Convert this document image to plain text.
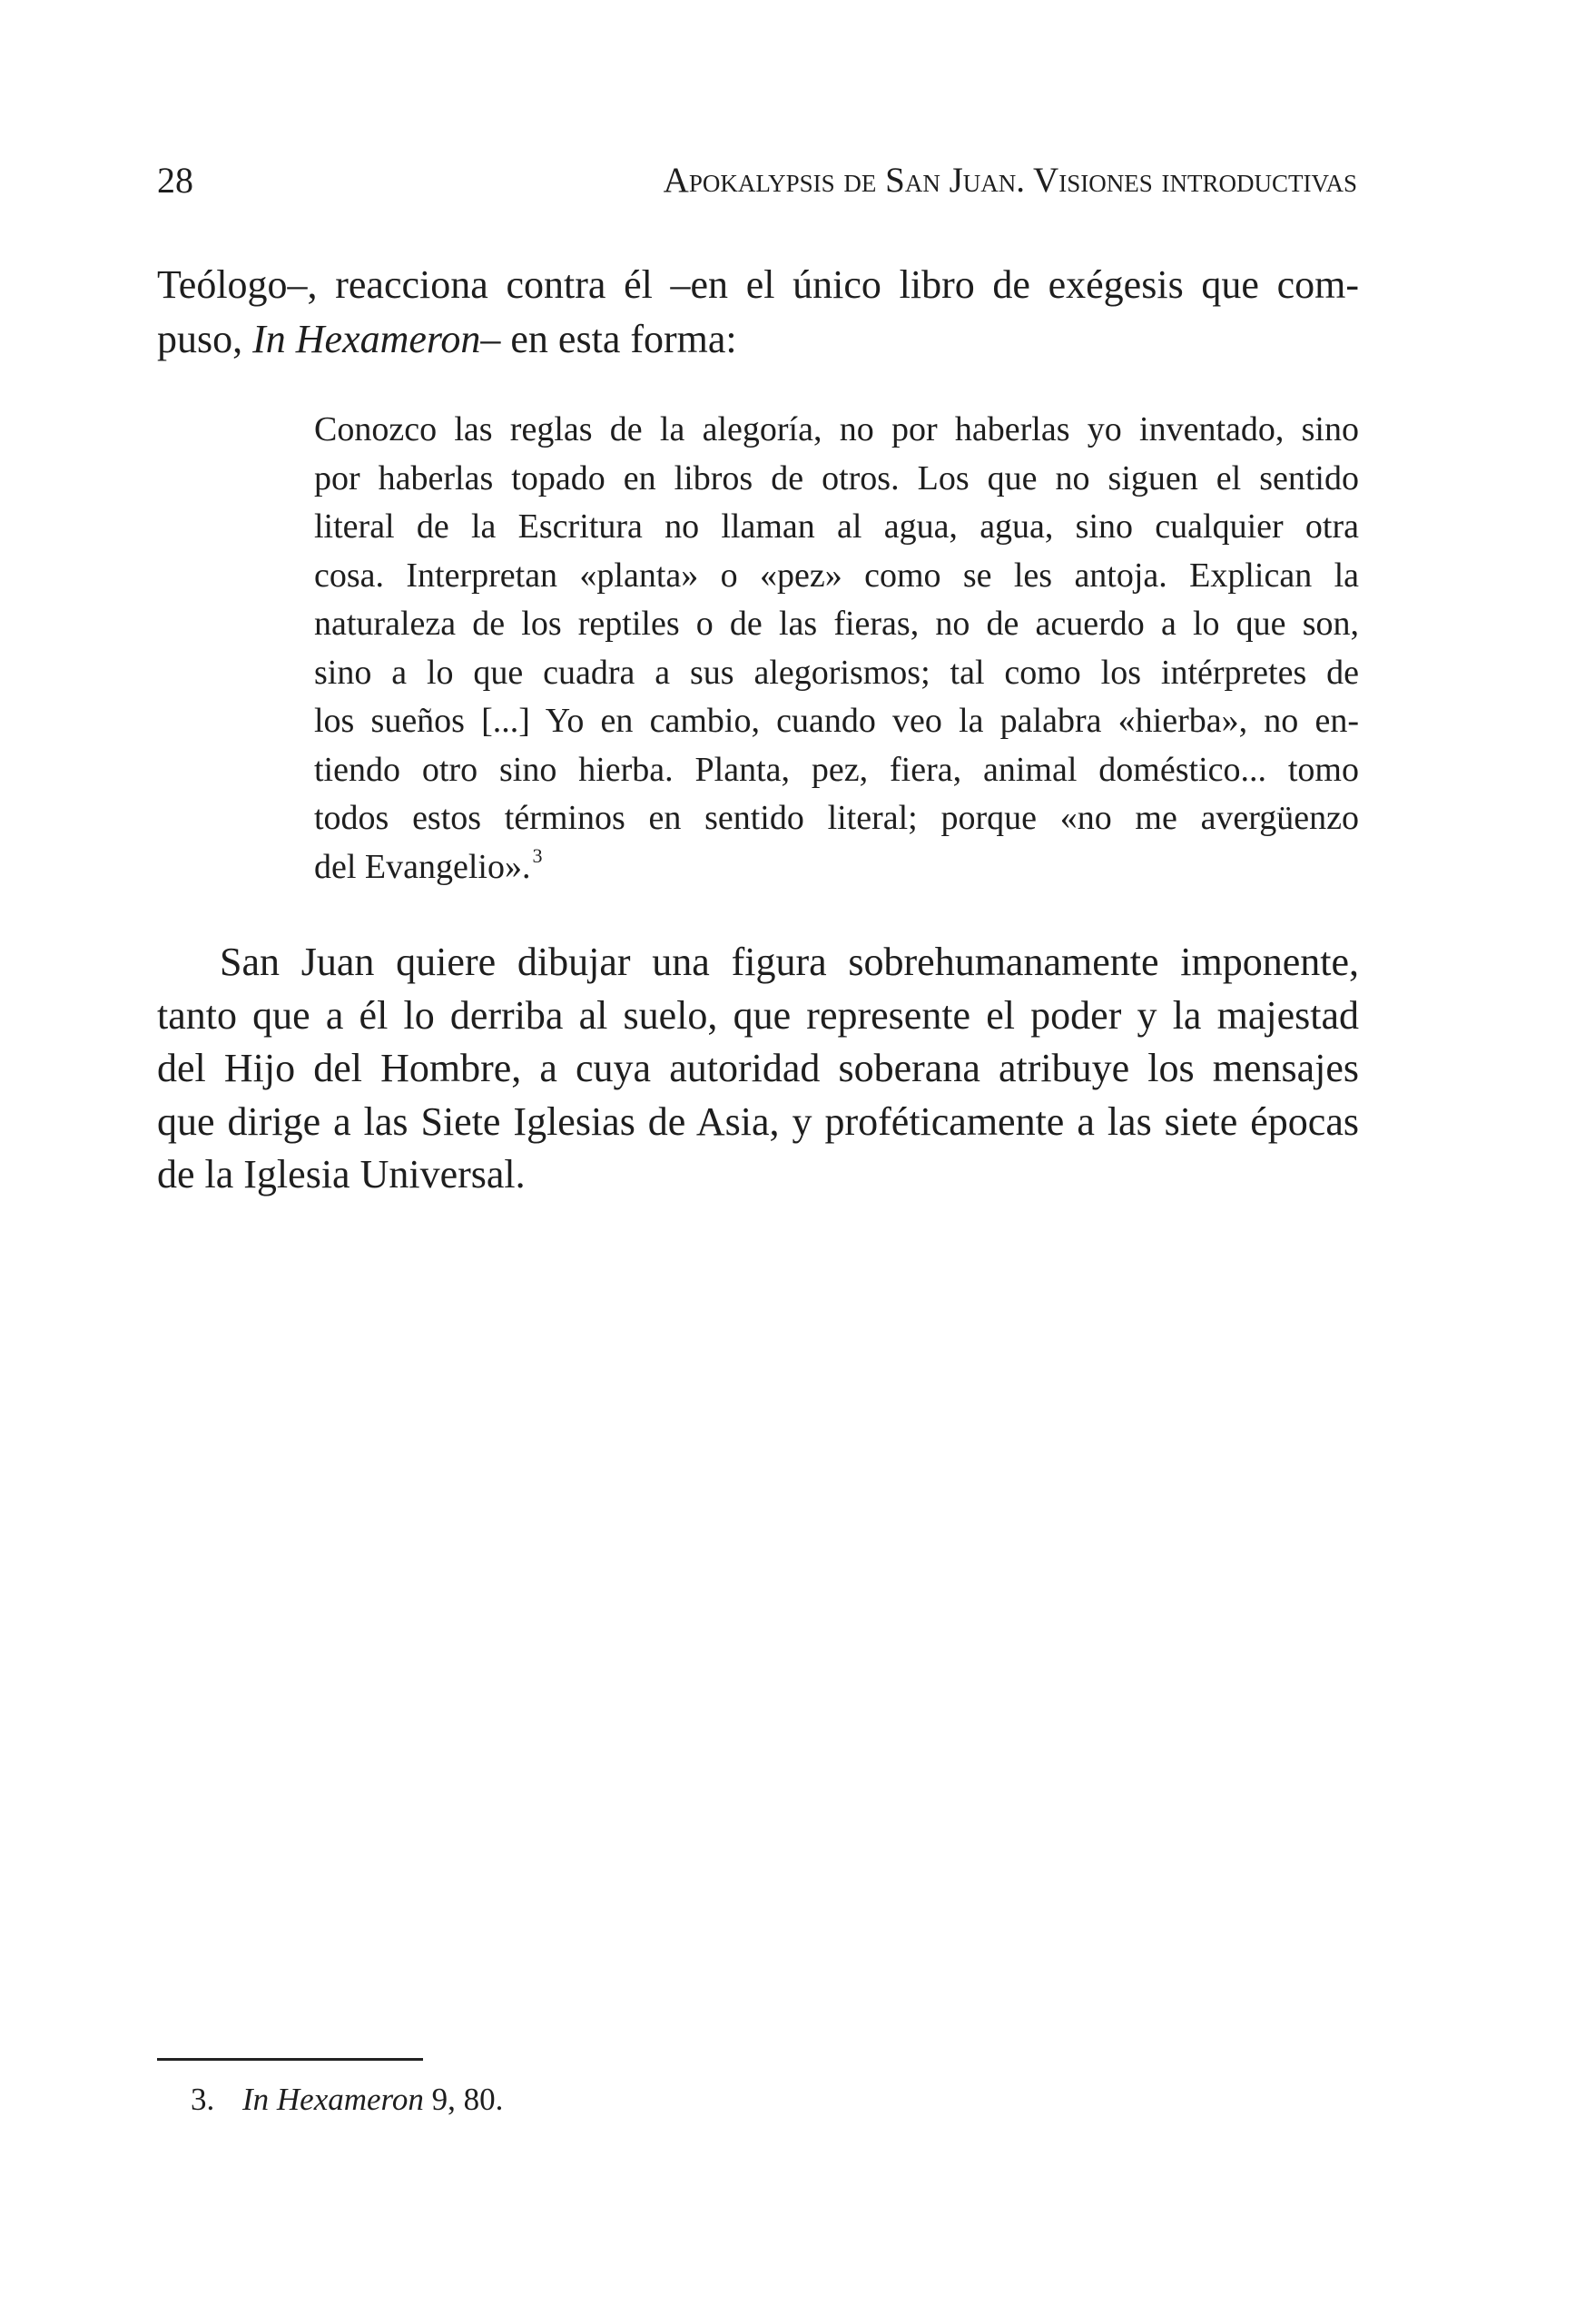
28	Apokalypsis de San Juan. Visiones introductivas
Teólogo–, reacciona contra él –en el único libro de exégesis que com-
puso, In Hexameron– en esta forma:
Conozco las reglas de la alegoría, no por haberlas yo inventado, sino
por haberlas topado en libros de otros. Los que no siguen el sentido
literal de la Escritura no llaman al agua, agua, sino cualquier otra
cosa. Interpretan «planta» o «pez» como se les antoja. Explican la
naturaleza de los reptiles o de las fieras, no de acuerdo a lo que son,
sino a lo que cuadra a sus alegorismos; tal como los intérpretes de
los sueños [...] Yo en cambio, cuando veo la palabra «hierba», no en-
tiendo otro sino hierba. Planta, pez, fiera, animal doméstico... tomo
todos estos términos en sentido literal; porque «no me avergüenzo
del Evangelio».$^3$
San Juan quiere dibujar una figura sobrehumanamente imponente,
tanto que a él lo derriba al suelo, que represente el poder y la majestad
del Hijo del Hombre, a cuya autoridad soberana atribuye los mensajes
que dirige a las Siete Iglesias de Asia, y proféticamente a las siete épocas
de la Iglesia Universal.
3. In Hexameron 9, 80.
